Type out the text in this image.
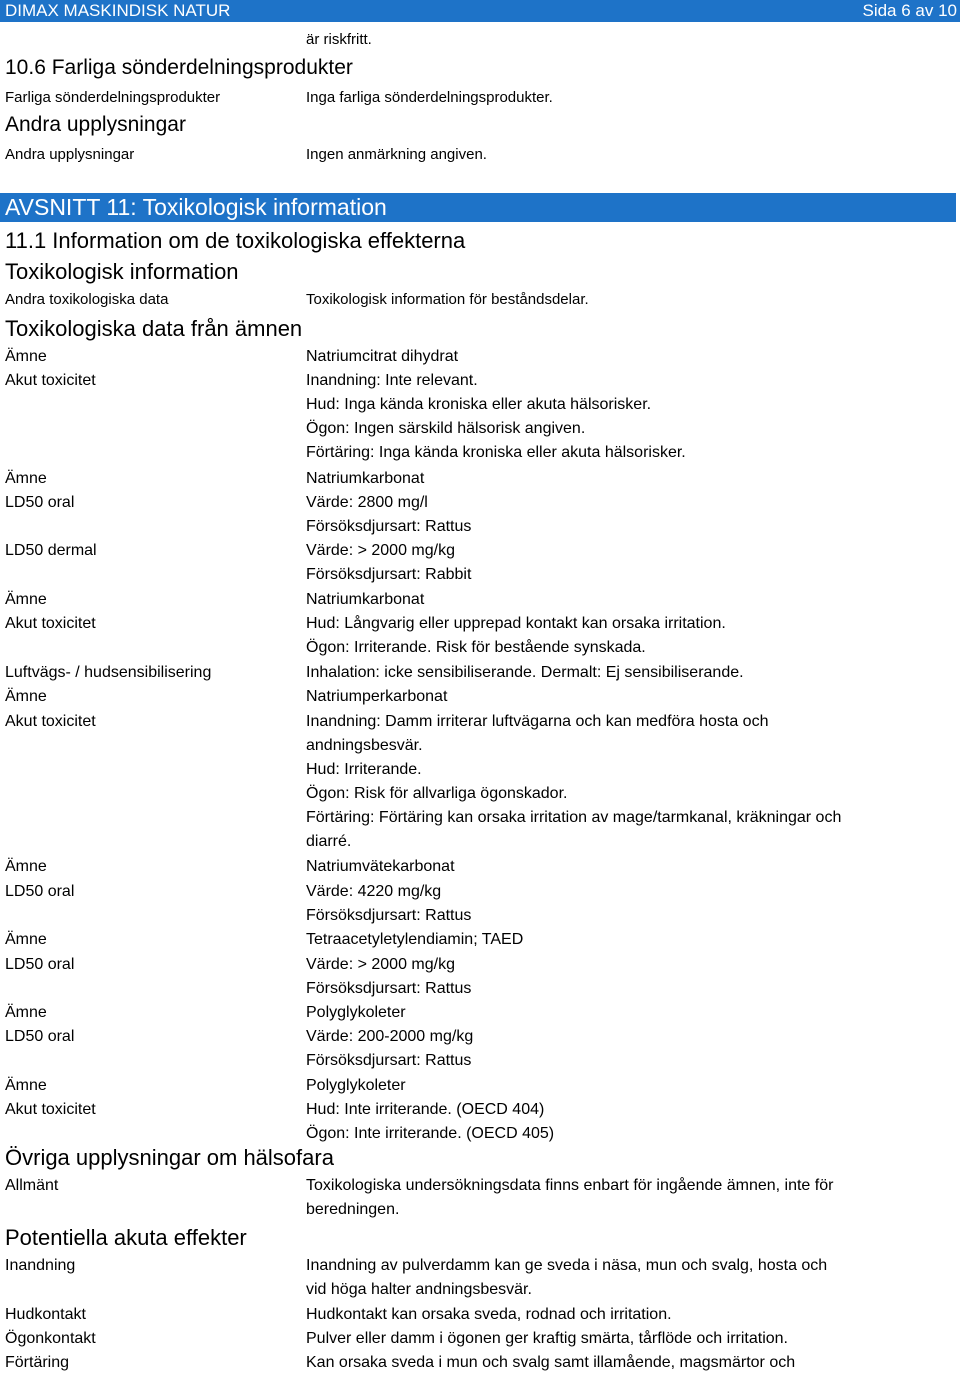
DIMAX MASKINDISK NATUR	Sida 6 av 10
är riskfritt.
10.6 Farliga sönderdelningsprodukter
Farliga sönderdelningsprodukter	Inga farliga sönderdelningsprodukter.
Andra upplysningar
Andra upplysningar	Ingen anmärkning angiven.
AVSNITT 11: Toxikologisk information
11.1 Information om de toxikologiska effekterna
Toxikologisk information
Andra toxikologiska data	Toxikologisk information för beståndsdelar.
Toxikologiska data från ämnen
Ämne	Natriumcitrat dihydrat
Akut toxicitet	Inandning: Inte relevant.
Hud: Inga kända kroniska eller akuta hälsorisker.
Ögon: Ingen särskild hälsorisk angiven.
Förtäring: Inga kända kroniska eller akuta hälsorisker.
Ämne	Natriumkarbonat
LD50 oral	Värde: 2800 mg/l
Försöksdjursart: Rattus
LD50 dermal	Värde: > 2000 mg/kg
Försöksdjursart: Rabbit
Ämne	Natriumkarbonat
Akut toxicitet	Hud: Långvarig eller upprepad kontakt kan orsaka irritation.
Ögon: Irriterande. Risk för bestående synskada.
Luftvägs- / hudsensibilisering	Inhalation: icke sensibiliserande. Dermalt: Ej sensibiliserande.
Ämne	Natriumperkarbonat
Akut toxicitet	Inandning: Damm irriterar luftvägarna och kan medföra hosta och
andningsbesvär.
Hud: Irriterande.
Ögon: Risk för allvarliga ögonskador.
Förtäring: Förtäring kan orsaka irritation av mage/tarmkanal, kräkningar och
diarré.
Ämne	Natriumvätekarbonat
LD50 oral	Värde: 4220 mg/kg
Försöksdjursart: Rattus
Ämne	Tetraacetyletylendiamin; TAED
LD50 oral	Värde: > 2000 mg/kg
Försöksdjursart: Rattus
Ämne	Polyglykoleter
LD50 oral	Värde: 200-2000 mg/kg
Försöksdjursart: Rattus
Ämne	Polyglykoleter
Akut toxicitet	Hud: Inte irriterande. (OECD 404)
Ögon: Inte irriterande. (OECD 405)
Övriga upplysningar om hälsofara
Allmänt	Toxikologiska undersökningsdata finns enbart för ingående ämnen, inte för
beredningen.
Potentiella akuta effekter
Inandning	Inandning av pulverdamm kan ge sveda i näsa, mun och svalg, hosta och
vid höga halter andningsbesvär.
Hudkontakt	Hudkontakt kan orsaka sveda, rodnad och irritation.
Ögonkontakt	Pulver eller damm i ögonen ger kraftig smärta, tårflöde och irritation.
Förtäring	Kan orsaka sveda i mun och svalg samt illamående, magsmärtor och
